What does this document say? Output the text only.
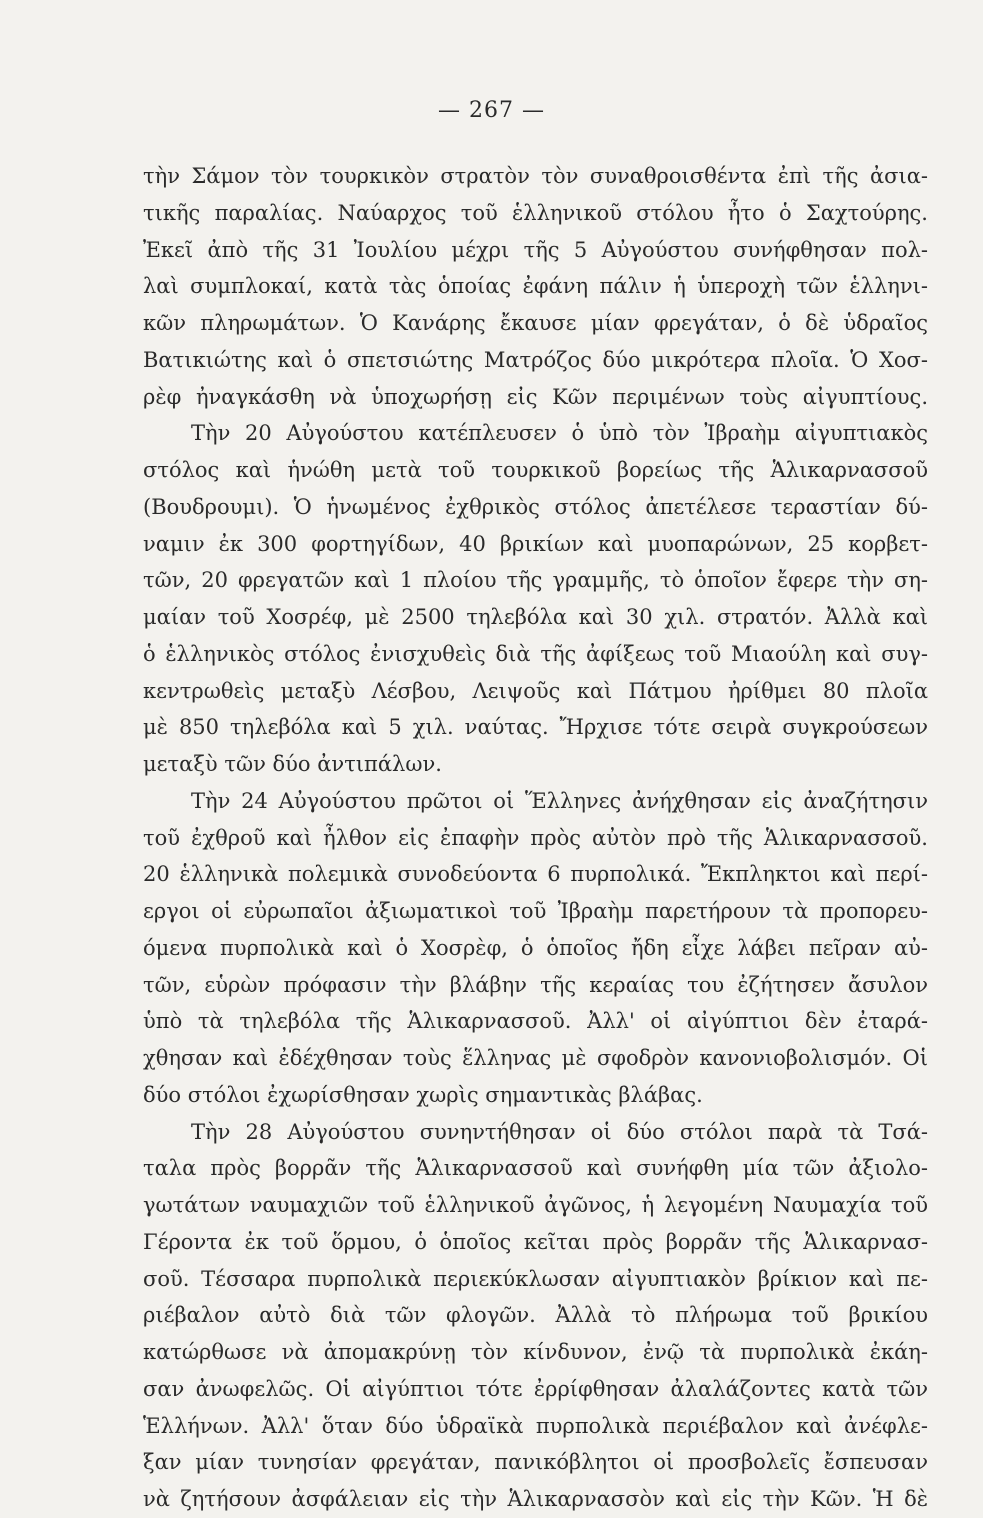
— 267 —
τὴν Σάμον τὸν τουρκικὸν στρατὸν τὸν συναθροισθέντα ἐπὶ τῆς ἀσια-
τικῆς παραλίας. Ναύαρχος τοῦ ἑλληνικοῦ στόλου ἦτο ὁ Σαχτούρης.
Ἐκεῖ ἀπὸ τῆς 31 Ἰουλίου μέχρι τῆς 5 Αὐγούστου συνήφθησαν πολ-
λαὶ συμπλοκαί, κατὰ τὰς ὁποίας ἐφάνη πάλιν ἡ ὑπεροχὴ τῶν ἑλληνι-
κῶν πληρωμάτων. Ὁ Κανάρης ἔκαυσε μίαν φρεγάταν, ὁ δὲ ὑδραῖος
Βατικιώτης καὶ ὁ σπετσιώτης Ματρόζος δύο μικρότερα πλοῖα. Ὁ Χοσ-
ρὲφ ἠναγκάσθη νὰ ὑποχωρήσῃ εἰς Κῶν περιμένων τοὺς αἰγυπτίους.
Τὴν 20 Αὐγούστου κατέπλευσεν ὁ ὑπὸ τὸν Ἰβραὴμ αἰγυπτιακὸς
στόλος καὶ ἡνώθη μετὰ τοῦ τουρκικοῦ βορείως τῆς Ἁλικαρνασσοῦ
(Βουδρουμι). Ὁ ἡνωμένος ἐχθρικὸς στόλος ἀπετέλεσε τεραστίαν δύ-
ναμιν ἐκ 300 φορτηγίδων, 40 βρικίων καὶ μυοπαρώνων, 25 κορβετ-
τῶν, 20 φρεγατῶν καὶ 1 πλοίου τῆς γραμμῆς, τὸ ὁποῖον ἔφερε τὴν ση-
μαίαν τοῦ Χοσρέφ, μὲ 2500 τηλεβόλα καὶ 30 χιλ. στρατόν. Ἀλλὰ καὶ
ὁ ἑλληνικὸς στόλος ἐνισχυθεὶς διὰ τῆς ἀφίξεως τοῦ Μιαούλη καὶ συγ-
κεντρωθεὶς μεταξὺ Λέσβου, Λειψοῦς καὶ Πάτμου ἠρίθμει 80 πλοῖα
μὲ 850 τηλεβόλα καὶ 5 χιλ. ναύτας. Ἤρχισε τότε σειρὰ συγκρούσεων
μεταξὺ τῶν δύο ἀντιπάλων.
Τὴν 24 Αὐγούστου πρῶτοι οἱ Ἕλληνες ἀνήχθησαν εἰς ἀναζήτησιν
τοῦ ἐχθροῦ καὶ ἦλθον εἰς ἐπαφὴν πρὸς αὐτὸν πρὸ τῆς Ἁλικαρνασσοῦ.
20 ἑλληνικὰ πολεμικὰ συνοδεύοντα 6 πυρπολικά. Ἔκπληκτοι καὶ περί-
εργοι οἱ εὐρωπαῖοι ἀξιωματικοὶ τοῦ Ἰβραὴμ παρετήρουν τὰ προπορευ-
όμενα πυρπολικὰ καὶ ὁ Χοσρὲφ, ὁ ὁποῖος ἤδη εἶχε λάβει πεῖραν αὐ-
τῶν, εὑρὼν πρόφασιν τὴν βλάβην τῆς κεραίας του ἐζήτησεν ἄσυλον
ὑπὸ τὰ τηλεβόλα τῆς Ἁλικαρνασσοῦ. Ἀλλ' οἱ αἰγύπτιοι δὲν ἐταρά-
χθησαν καὶ ἐδέχθησαν τοὺς ἕλληνας μὲ σφοδρὸν κανονιοβολισμόν. Οἱ
δύο στόλοι ἐχωρίσθησαν χωρὶς σημαντικὰς βλάβας.
Τὴν 28 Αὐγούστου συνηντήθησαν οἱ δύο στόλοι παρὰ τὰ Τσά-
ταλα πρὸς βορρᾶν τῆς Ἁλικαρνασσοῦ καὶ συνήφθη μία τῶν ἀξιολο-
γωτάτων ναυμαχιῶν τοῦ ἑλληνικοῦ ἀγῶνος, ἡ λεγομένη Ναυμαχία τοῦ
Γέροντα ἐκ τοῦ ὅρμου, ὁ ὁποῖος κεῖται πρὸς βορρᾶν τῆς Ἁλικαρνασ-
σοῦ. Τέσσαρα πυρπολικὰ περιεκύκλωσαν αἰγυπτιακὸν βρίκιον καὶ πε-
ριέβαλον αὐτὸ διὰ τῶν φλογῶν. Ἀλλὰ τὸ πλήρωμα τοῦ βρικίου
κατώρθωσε νὰ ἀπομακρύνῃ τὸν κίνδυνον, ἐνῷ τὰ πυρπολικὰ ἐκάη-
σαν ἀνωφελῶς. Οἱ αἰγύπτιοι τότε ἐρρίφθησαν ἀλαλάζοντες κατὰ τῶν
Ἑλλήνων. Ἀλλ' ὅταν δύο ὑδραϊκὰ πυρπολικὰ περιέβαλον καὶ ἀνέφλε-
ξαν μίαν τυνησίαν φρεγάταν, πανικόβλητοι οἱ προσβολεῖς ἔσπευσαν
νὰ ζητήσουν ἀσφάλειαν εἰς τὴν Ἁλικαρνασσὸν καὶ εἰς τὴν Κῶν. Ἡ δὲ
